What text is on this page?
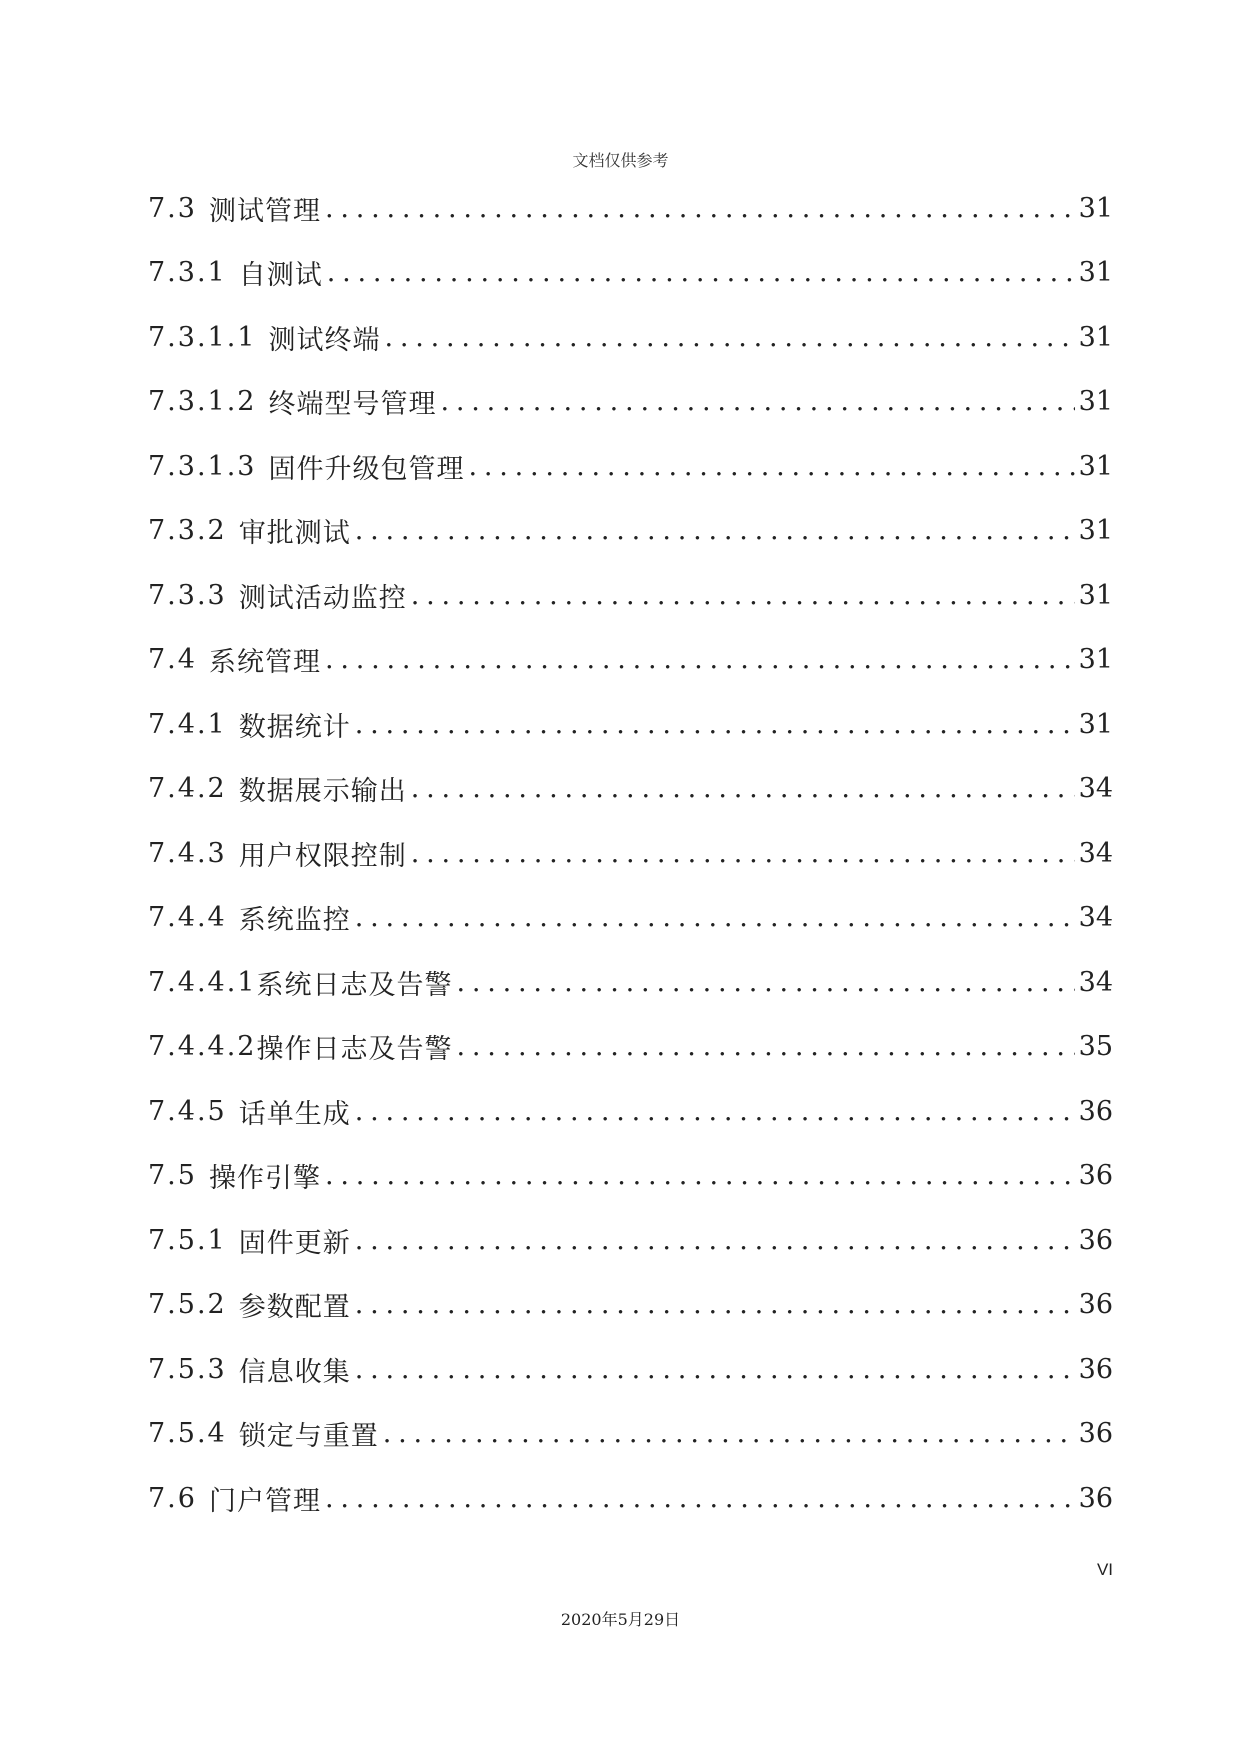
文档仅供参考
7.3 测试管理 .....	31
7.3.1 自测试 .....	31
7.3.1.1 测试终端 .....	31
7.3.1.2 终端型号管理 .....	31
7.3.1.3 固件升级包管理 .....	31
7.3.2 审批测试 .....	31
7.3.3 测试活动监控 .....	31
7.4 系统管理 .....	31
7.4.1 数据统计 .....	31
7.4.2 数据展示输出 .....	34
7.4.3 用户权限控制 .....	34
7.4.4 系统监控 .....	34
7.4.4.1 系统日志及告警 .....	34
7.4.4.2 操作日志及告警 .....	35
7.4.5 话单生成 .....	36
7.5 操作引擎 .....	36
7.5.1 固件更新 .....	36
7.5.2 参数配置 .....	36
7.5.3 信息收集 .....	36
7.5.4 锁定与重置 .....	36
7.6 门户管理 .....	36
VI
2020年5月29日
